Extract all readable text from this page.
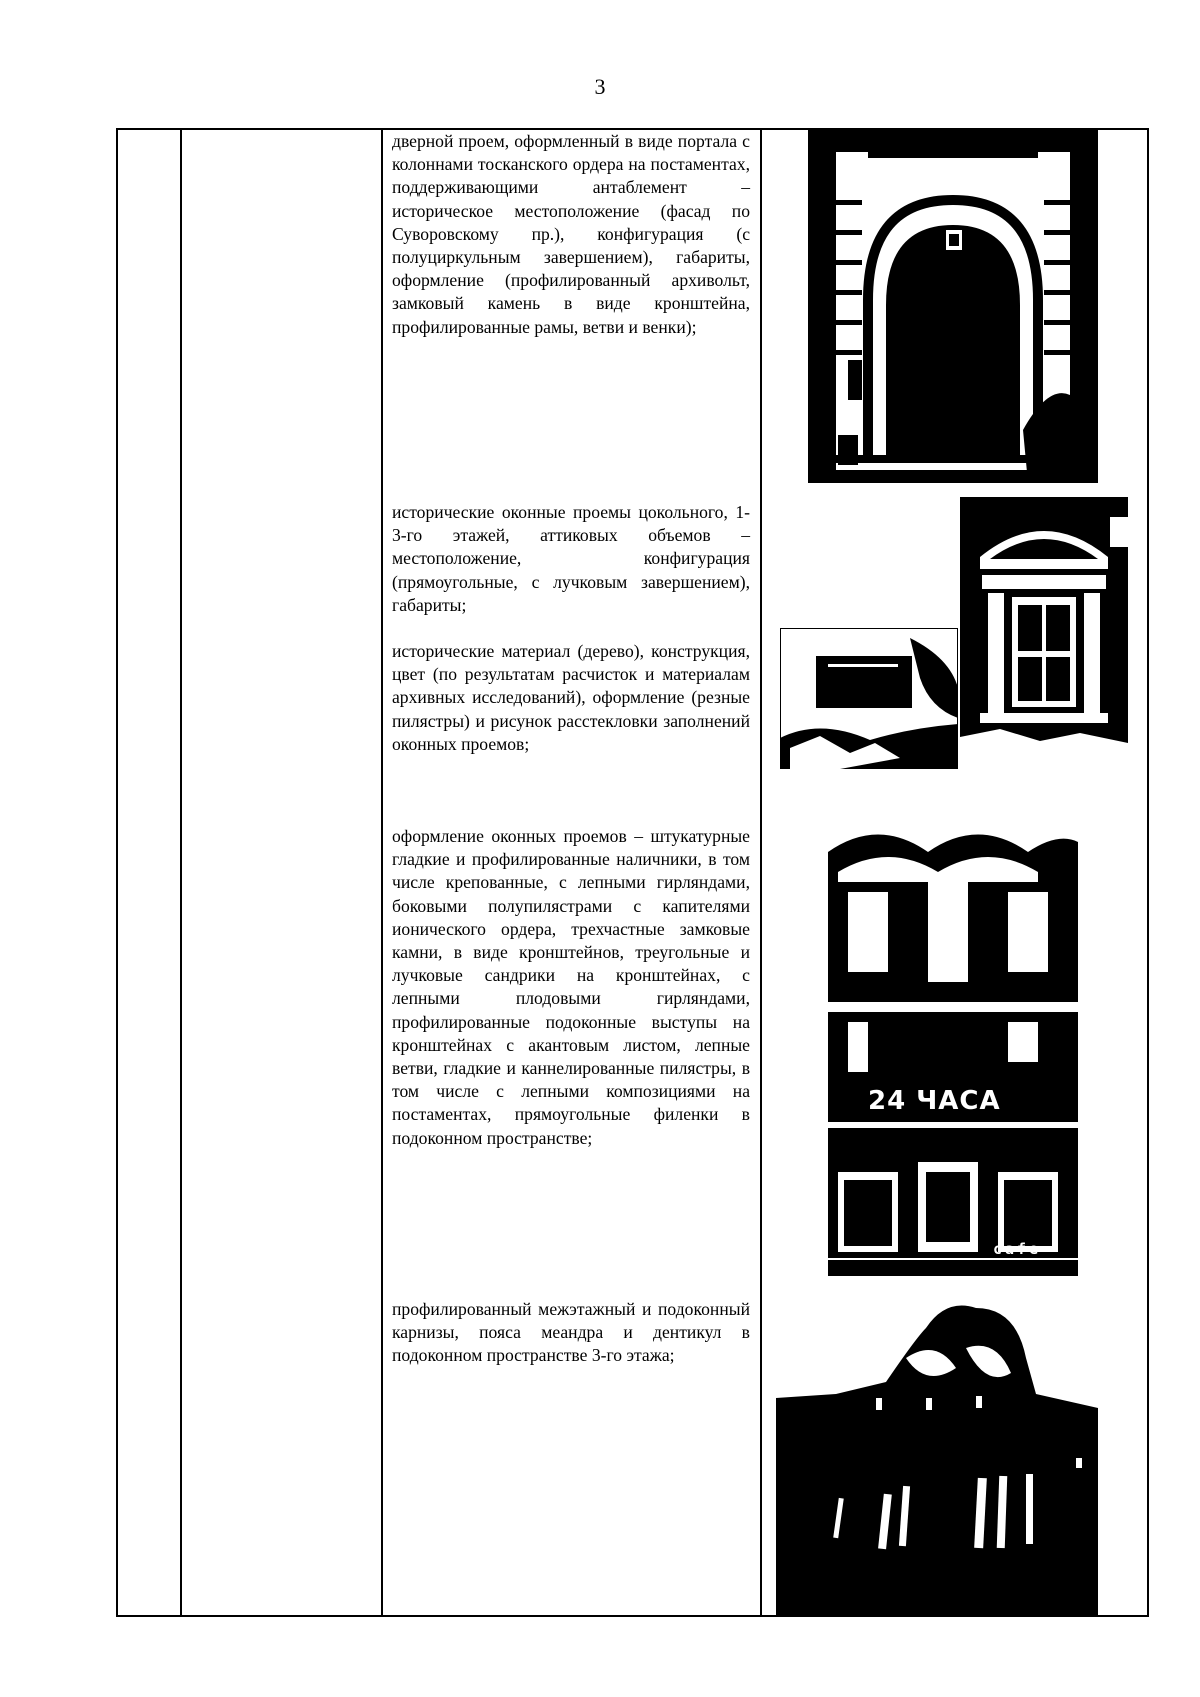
3
дверной проем, оформленный в виде портала с колоннами тосканского ордера на постаментах, поддерживающими антаблемент – историческое местоположение (фасад по Суворовскому пр.), конфигурация (с полуциркульным завершением), габариты, оформление (профилированный архивольт, замковый камень в виде кронштейна, профилированные рамы, ветви и венки);
исторические оконные проемы цокольного, 1-3-го этажей, аттиковых объемов – местоположение, конфигурация (прямоугольные, с лучковым завершением), габариты;
исторические материал (дерево), конструкция, цвет (по результатам расчисток и материалам архивных исследований), оформление (резные пилястры) и рисунок расстекловки заполнений оконных проемов;
оформление оконных проемов – штукатурные гладкие и профилированные наличники, в том числе крепованные, с лепными гирляндами, боковыми полупилястрами с капителями ионического ордера, трехчастные замковые камни, в виде кронштейнов, треугольные и лучковые сандрики на кронштейнах, с лепными плодовыми гирляндами, профилированные подоконные выступы на кронштейнах с акантовым листом, лепные ветви, гладкие и каннелированные пилястры, в том числе с лепными композициями на постаментах, прямоугольные филенки в подоконном пространстве;
профилированный межэтажный и подоконный карнизы, пояса меандра и дентикул в подоконном пространстве 3-го этажа;
24 ЧАСА
cafe
